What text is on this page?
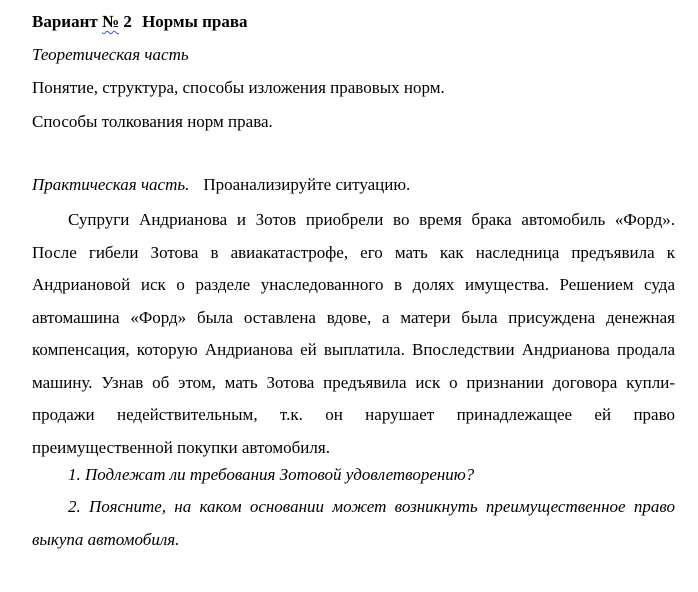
Вариант № 2 Нормы права
Теоретическая часть
Понятие, структура, способы изложения правовых норм.
Способы толкования норм права.
Практическая часть. Проанализируйте ситуацию.
Супруги Андрианова и Зотов приобрели во время брака автомобиль «Форд». После гибели Зотова в авиакатастрофе, его мать как наследница предъявила к Андриановой иск о разделе унаследованного в долях имущества. Решением суда автомашина «Форд» была оставлена вдове, а матери была присуждена денежная компенсация, которую Андрианова ей выплатила. Впоследствии Андрианова продала машину. Узнав об этом, мать Зотова предъявила иск о признании договора купли-продажи недействительным, т.к. он нарушает принадлежащее ей право преимущественной покупки автомобиля.
1. Подлежат ли требования Зотовой удовлетворению?
2. Поясните, на каком основании может возникнуть преимущественное право выкупа автомобиля.
